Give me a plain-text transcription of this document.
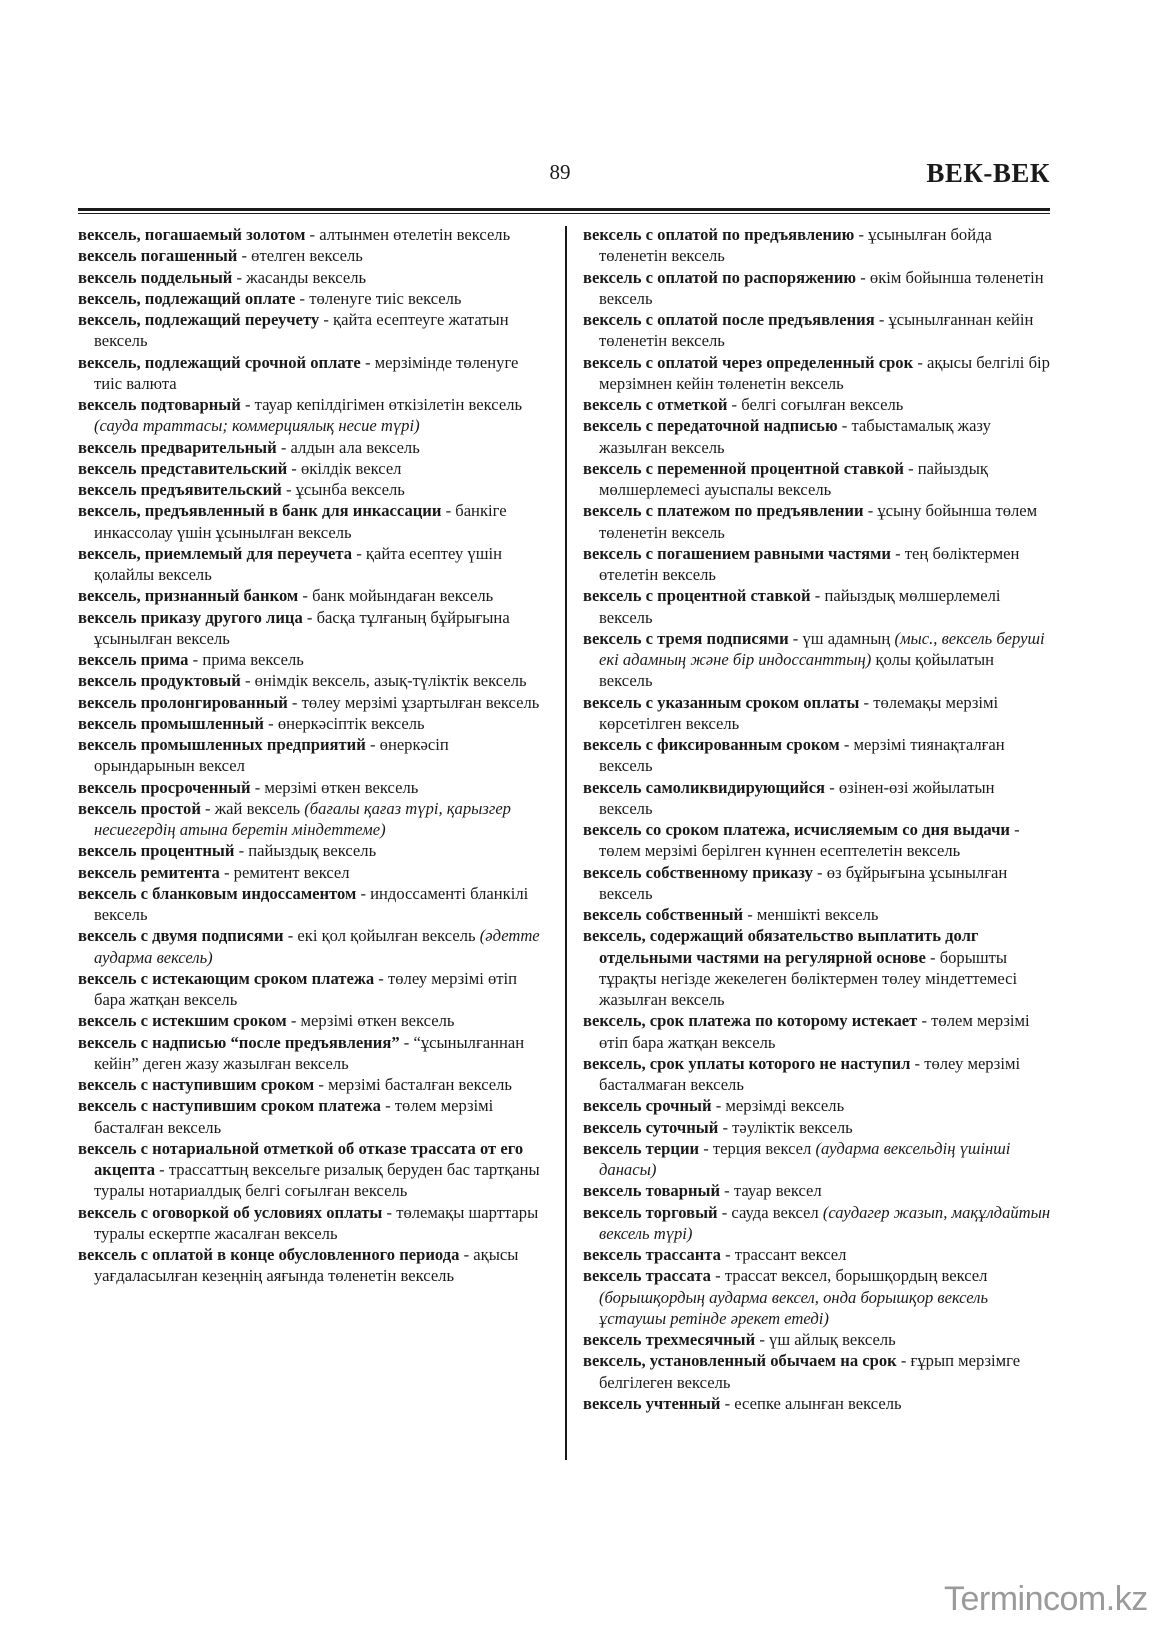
89	ВЕК-ВЕК
вексель, погашаемый золотом - алтынмен өтелетін вексель
вексель погашенный - өтелген вексель
вексель поддельный - жасанды вексель
вексель, подлежащий оплате - төленуге тиіс вексель
вексель, подлежащий переучету - қайта есептеуге жататын вексель
вексель, подлежащий срочной оплате - мерзімінде төленуге тиіс валюта
вексель подтоварный - тауар кепілдігімен өткізілетін вексель (сауда траттасы; коммерциялық несие түрі)
вексель предварительный - алдын ала вексель
вексель представительский - өкілдік вексел
вексель предъявительский - ұсынба вексель
вексель, предъявленный в банк для инкассации - банкіге инкассолау үшін ұсынылған вексель
вексель, приемлемый для переучета - қайта есептеу үшін қолайлы вексель
вексель, признанный банком - банк мойындаған вексель
вексель приказу другого лица - басқа тұлғаның бұйрығына ұсынылған вексель
вексель прима - прима вексель
вексель продуктовый - өнімдік вексель, азық-түліктік вексель
вексель пролонгированный - төлеу мерзімі ұзартылған вексель
вексель промышленный - өнеркәсіптік вексель
вексель промышленных предприятий - өнеркәсіп орындарынын вексел
вексель просроченный - мерзімі өткен вексель
вексель простой - жай вексель (бағалы қағаз түрі, қарызгер несиегердің атына беретін міндеттеме)
вексель процентный - пайыздық вексель
вексель ремитента - ремитент вексел
вексель с бланковым индоссаментом - индоссаменті бланкілі вексель
вексель с двумя подписями - екі қол қойылған вексель (әдетте аударма вексель)
вексель с истекающим сроком платежа - төлеу мерзімі өтіп бара жатқан вексель
вексель с истекшим сроком - мерзімі өткен вексель
вексель с надписью “после предъявления” - “ұсынылғаннан кейін” деген жазу жазылған вексель
вексель с наступившим сроком - мерзімі басталған вексель
вексель с наступившим сроком платежа - төлем мерзімі басталған вексель
вексель с нотариальной отметкой об отказе трассата от его акцепта - трассаттың вексельге ризалық беруден бас тартқаны туралы нотариалдық белгі соғылған вексель
вексель с оговоркой об условиях оплаты - төлемақы шарттары туралы ескертпе жасалған вексель
вексель с оплатой в конце обусловленного периода - ақысы уағдаласылған кезеңнің аяғында төленетін вексель
вексель с оплатой по предъявлению - ұсынылған бойда төленетін вексель
вексель с оплатой по распоряжению - өкім бойынша төленетін вексель
вексель с оплатой после предъявления - ұсынылғаннан кейін төленетін вексель
вексель с оплатой через определенный срок - ақысы белгілі бір мерзімнен кейін төленетін вексель
вексель с отметкой - белгі соғылған вексель
вексель с передаточной надписью - табыстамалық жазу жазылған вексель
вексель с переменной процентной ставкой - пайыздық мөлшерлемесі ауыспалы вексель
вексель с платежом по предъявлении - ұсыну бойынша төлем төленетін вексель
вексель с погашением равными частями - тең бөліктермен өтелетін вексель
вексель с процентной ставкой - пайыздық мөлшерлемелі вексель
вексель с тремя подписями - үш адамның (мыс., вексель беруші екі адамның және бір индоссанттың) қолы қойылатын вексель
вексель с указанным сроком оплаты - төлемақы мерзімі көрсетілген вексель
вексель с фиксированным сроком - мерзімі тиянақталған вексель
вексель самоликвидирующийся - өзінен-өзі жойылатын вексель
вексель со сроком платежа, исчисляемым со дня выдачи - төлем мерзімі берілген күннен есептелетін вексель
вексель собственному приказу - өз бұйрығына ұсынылған вексель
вексель собственный - меншікті вексель
вексель, содержащий обязательство выплатить долг отдельными частями на регулярной основе - борышты тұрақты негізде жекелеген бөліктермен төлеу міндеттемесі жазылған вексель
вексель, срок платежа по которому истекает - төлем мерзімі өтіп бара жатқан вексель
вексель, срок уплаты которого не наступил - төлеу мерзімі басталмаған вексель
вексель срочный - мерзімді вексель
вексель суточный - тәуліктік вексель
вексель терции - терция вексел (аударма вексельдің үшінші данасы)
вексель товарный - тауар вексел
вексель торговый - сауда вексел (саудагер жазып, мақұлдайтын вексель түрі)
вексель трассанта - трассант вексел
вексель трассата - трассат вексел, борышқордың вексел (борышқордың аударма вексел, онда борышқор вексель ұстаушы ретінде әрекет етеді)
вексель трехмесячный - үш айлық вексель
вексель, установленный обычаем на срок - ғұрып мерзімге белгілеген вексель
вексель учтенный - есепке алынған вексель
Termincom.kz
